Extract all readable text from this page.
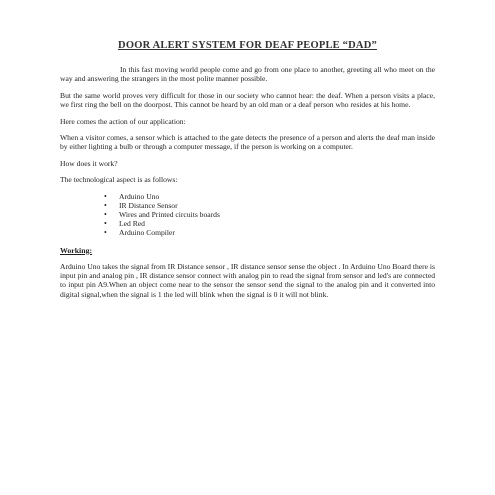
DOOR ALERT SYSTEM FOR DEAF PEOPLE “DAD”
In this fast moving world people come and go from one place to another, greeting all who meet on the way and answering the strangers in the most polite manner possible.
But the same world proves very difficult for those in our society who cannot hear: the deaf. When a person visits a place, we first ring the bell on the doorpost. This cannot be heard by an old man or a deaf person who resides at his home.
Here comes the action of our application:
When a visitor comes, a sensor which is attached to the gate detects the presence of a person and alerts the deaf man inside by either lighting a bulb or through a computer message, if the person is working on a computer.
How does it work?
The technological aspect is as follows:
• Arduino Uno
• IR Distance Sensor
• Wires and Printed circuits boards
• Led Red
• Arduino Compiler
Working:
Arduino Uno takes the signal from IR Distance sensor , IR distance sensor sense the object . In Arduino Uno Board there is input pin and analog pin , IR distance sensor connect with analog pin to read the signal from sensor and led's are connected to input pin A9.When an object come near to the sensor the sensor send the signal to the analog pin and it converted into digital signal,when the signal is 1 the led will blink when the signal is 0 it will not blink.
